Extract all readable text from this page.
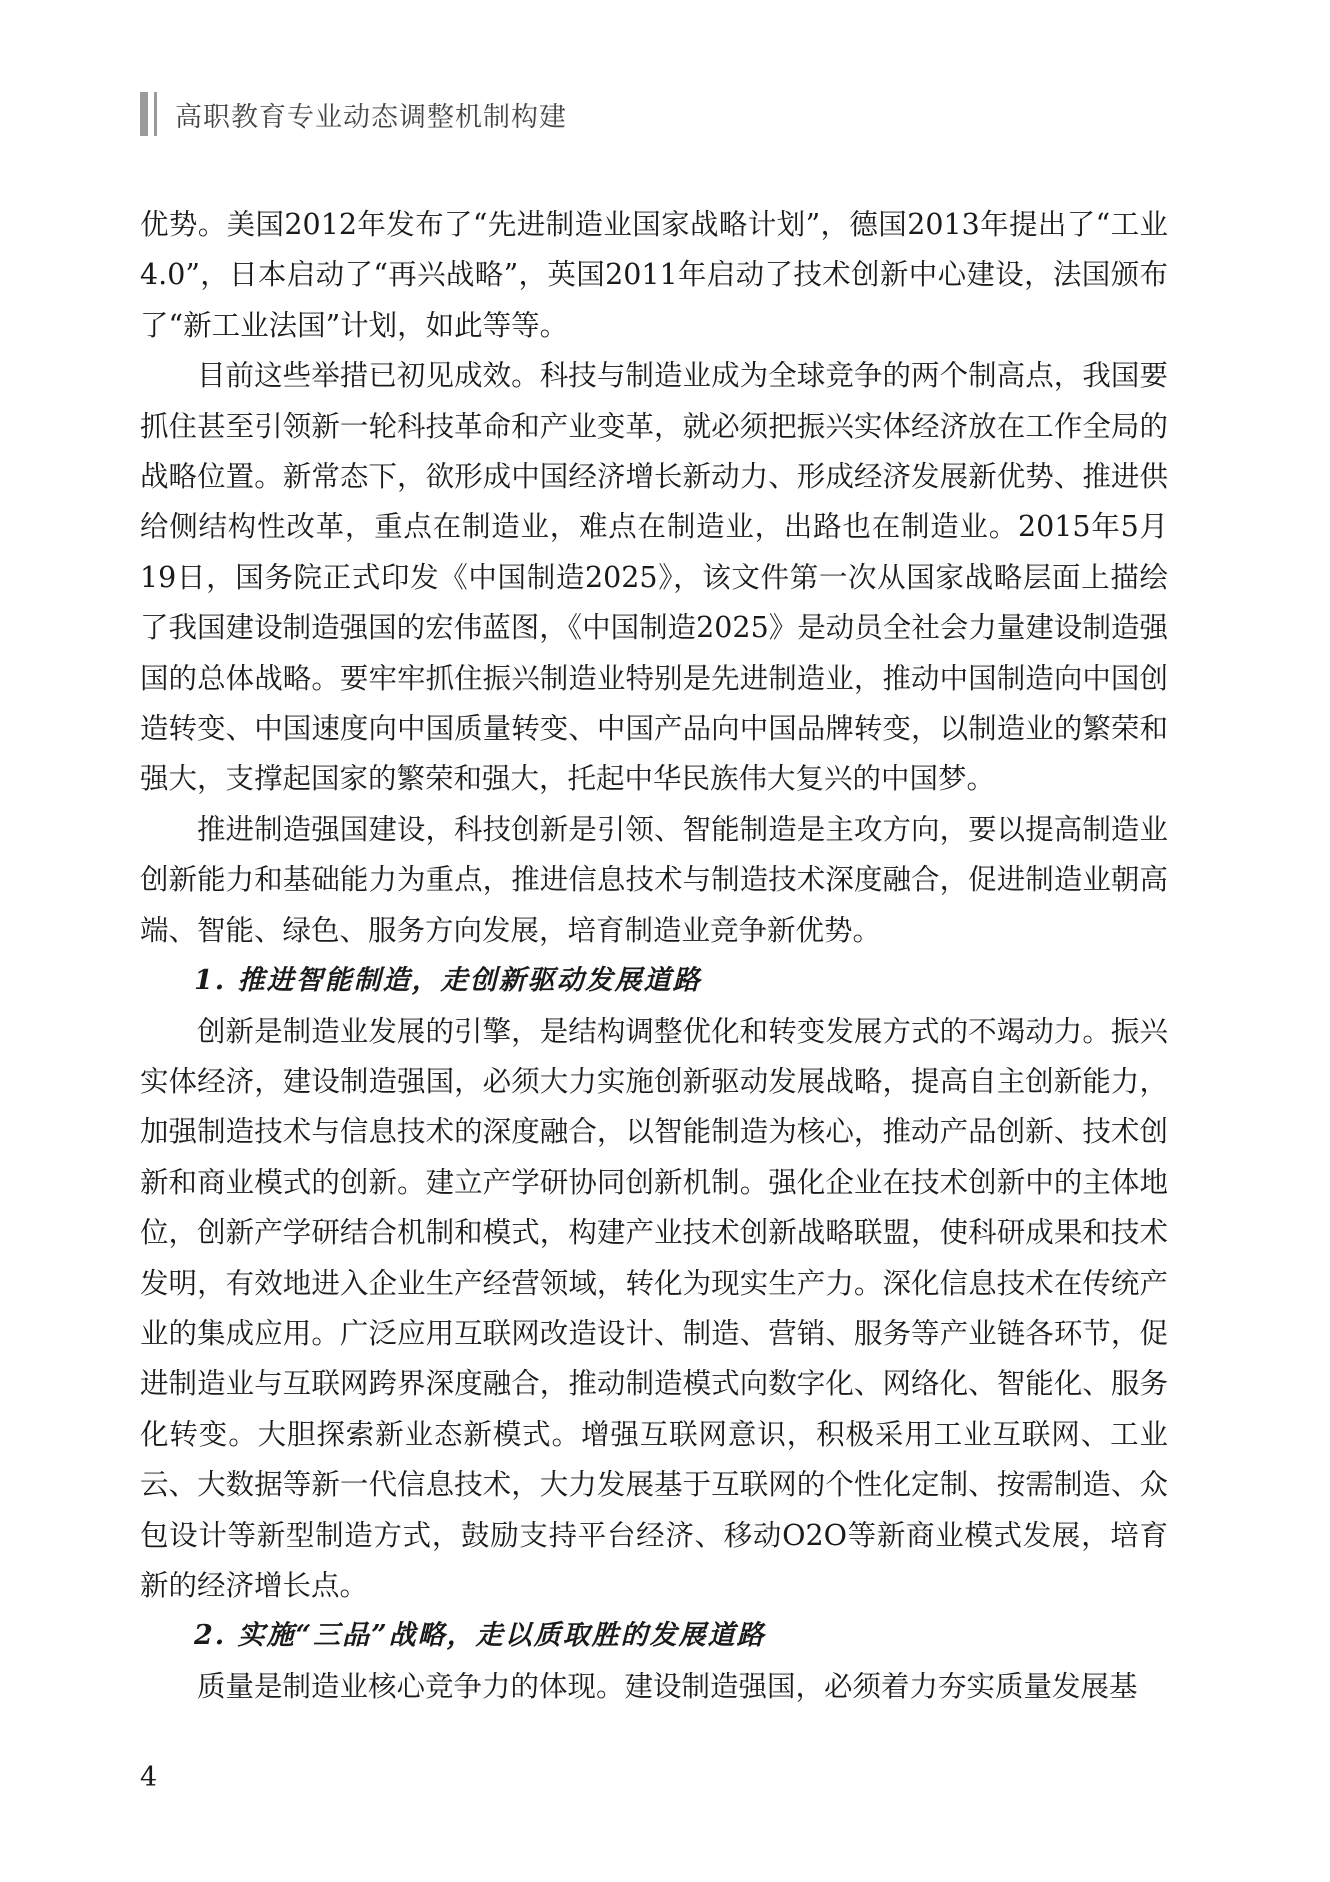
高职教育专业动态调整机制构建

优势。美国2012年发布了“先进制造业国家战略计划”，德国2013年提出了“工业4.0”，日本启动了“再兴战略”，英国2011年启动了技术创新中心建设，法国颁布了“新工业法国”计划，如此等等。

目前这些举措已初见成效。科技与制造业成为全球竞争的两个制高点，我国要抓住甚至引领新一轮科技革命和产业变革，就必须把振兴实体经济放在工作全局的战略位置。新常态下，欲形成中国经济增长新动力、形成经济发展新优势、推进供给侧结构性改革，重点在制造业，难点在制造业，出路也在制造业。2015年5月19日，国务院正式印发《中国制造2025》，该文件第一次从国家战略层面上描绘了我国建设制造强国的宏伟蓝图，《中国制造2025》是动员全社会力量建设制造强国的总体战略。要牢牢抓住振兴制造业特别是先进制造业，推动中国制造向中国创造转变、中国速度向中国质量转变、中国产品向中国品牌转变，以制造业的繁荣和强大，支撑起国家的繁荣和强大，托起中华民族伟大复兴的中国梦。

推进制造强国建设，科技创新是引领、智能制造是主攻方向，要以提高制造业创新能力和基础能力为重点，推进信息技术与制造技术深度融合，促进制造业朝高端、智能、绿色、服务方向发展，培育制造业竞争新优势。

1. 推进智能制造，走创新驱动发展道路

创新是制造业发展的引擎，是结构调整优化和转变发展方式的不竭动力。振兴实体经济，建设制造强国，必须大力实施创新驱动发展战略，提高自主创新能力，加强制造技术与信息技术的深度融合，以智能制造为核心，推动产品创新、技术创新和商业模式的创新。建立产学研协同创新机制。强化企业在技术创新中的主体地位，创新产学研结合机制和模式，构建产业技术创新战略联盟，使科研成果和技术发明，有效地进入企业生产经营领域，转化为现实生产力。深化信息技术在传统产业的集成应用。广泛应用互联网改造设计、制造、营销、服务等产业链各环节，促进制造业与互联网跨界深度融合，推动制造模式向数字化、网络化、智能化、服务化转变。大胆探索新业态新模式。增强互联网意识，积极采用工业互联网、工业云、大数据等新一代信息技术，大力发展基于互联网的个性化定制、按需制造、众包设计等新型制造方式，鼓励支持平台经济、移动O2O等新商业模式发展，培育新的经济增长点。

2. 实施“三品”战略，走以质取胜的发展道路

质量是制造业核心竞争力的体现。建设制造强国，必须着力夯实质量发展基

4
